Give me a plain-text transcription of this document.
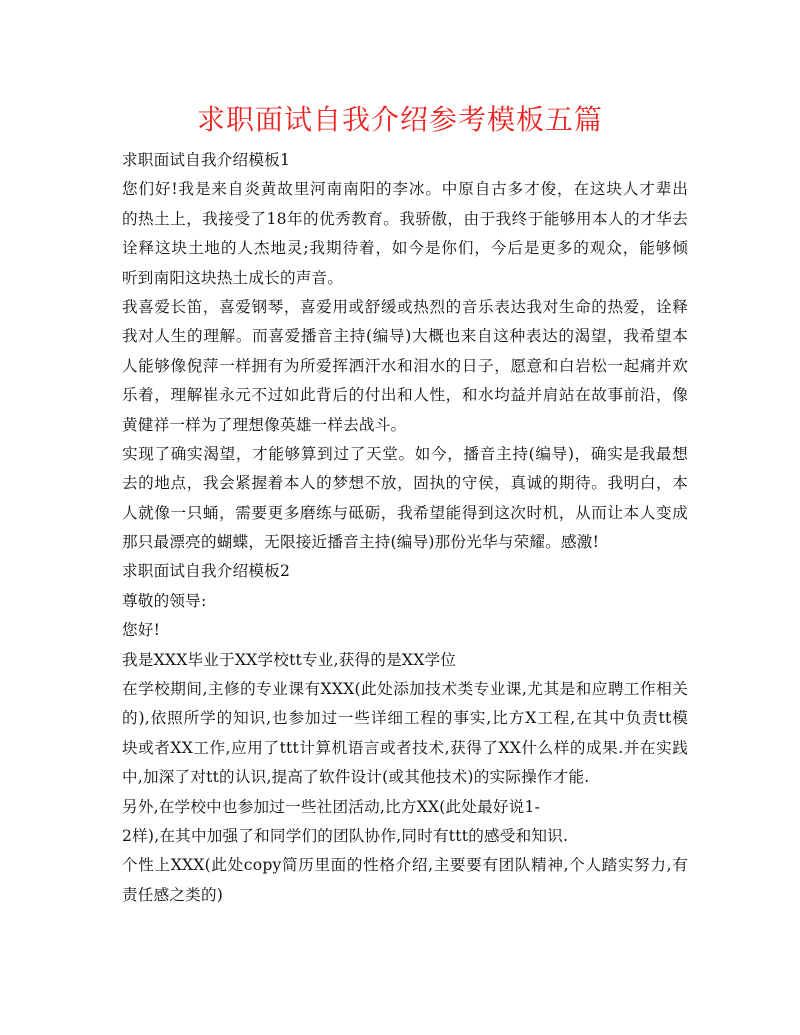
求职面试自我介绍参考模板五篇
求职面试自我介绍模板1
您们好!我是来自炎黄故里河南南阳的李冰。中原自古多才俊，在这块人才辈出
的热土上，我接受了18年的优秀教育。我骄傲，由于我终于能够用本人的才华去
诠释这块土地的人杰地灵;我期待着，如今是你们，今后是更多的观众，能够倾
听到南阳这块热土成长的声音。
我喜爱长笛，喜爱钢琴，喜爱用或舒缓或热烈的音乐表达我对生命的热爱，诠释
我对人生的理解。而喜爱播音主持(编导)大概也来自这种表达的渴望，我希望本
人能够像倪萍一样拥有为所爱挥洒汗水和泪水的日子，愿意和白岩松一起痛并欢
乐着，理解崔永元不过如此背后的付出和人性，和水均益并肩站在故事前沿，像
黄健祥一样为了理想像英雄一样去战斗。
实现了确实渴望，才能够算到过了天堂。如今，播音主持(编导)，确实是我最想
去的地点，我会紧握着本人的梦想不放，固执的守侯，真诚的期待。我明白，本
人就像一只蛹，需要更多磨练与砥砺，我希望能得到这次时机，从而让本人变成
那只最漂亮的蝴蝶，无限接近播音主持(编导)那份光华与荣耀。感激!
求职面试自我介绍模板2
尊敬的领导:
您好!
我是XXX毕业于XX学校tt专业,获得的是XX学位
在学校期间,主修的专业课有XXX(此处添加技术类专业课,尤其是和应聘工作相关
的),依照所学的知识,也参加过一些详细工程的事实,比方X工程,在其中负责tt模
块或者XX工作,应用了ttt计算机语言或者技术,获得了XX什么样的成果.并在实践
中,加深了对tt的认识,提高了软件设计(或其他技术)的实际操作才能.
另外,在学校中也参加过一些社团活动,比方XX(此处最好说1-
2样),在其中加强了和同学们的团队协作,同时有ttt的感受和知识.
个性上XXX(此处copy简历里面的性格介绍,主要要有团队精神,个人踏实努力,有
责任感之类的)
